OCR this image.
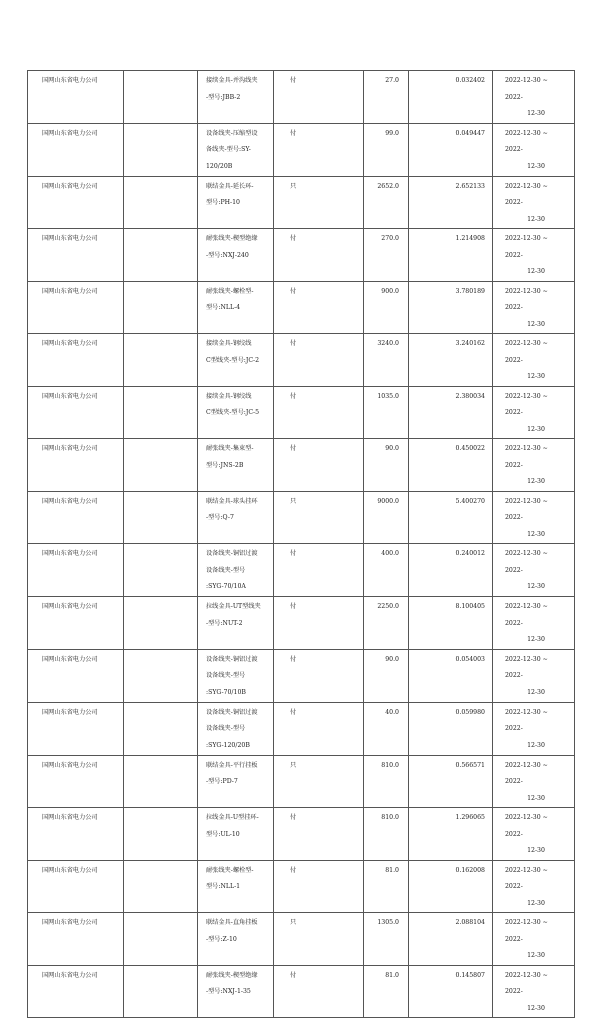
国网山东省电力公司		接续金具-并沟线夹
-型号:JBB-2	付	27.0	0.032402	2022-12-30 ~ 2022-
12-30

国网山东省电力公司		设备线夹-压缩型设
备线夹-型号:SY-
120/20B	付	99.0	0.049447	2022-12-30 ~ 2022-
12-30

国网山东省电力公司		联结金具-延长环-
型号:PH-10	只	2652.0	2.652133	2022-12-30 ~ 2022-
12-30

国网山东省电力公司		耐张线夹-楔型绝缘
-型号:NXJ-240	付	270.0	1.214908	2022-12-30 ~ 2022-
12-30

国网山东省电力公司		耐张线夹-螺栓型-
型号:NLL-4	付	900.0	3.780189	2022-12-30 ~ 2022-
12-30

国网山东省电力公司		接续金具-钢绞线
C型线夹-型号:JC-2	付	3240.0	3.240162	2022-12-30 ~ 2022-
12-30

国网山东省电力公司		接续金具-钢绞线
C型线夹-型号:JC-5	付	1035.0	2.380034	2022-12-30 ~ 2022-
12-30

国网山东省电力公司		耐张线夹-集束型-
型号:JNS-2B	付	90.0	0.450022	2022-12-30 ~ 2022-
12-30

国网山东省电力公司		联结金具-球头挂环
-型号:Q-7	只	9000.0	5.400270	2022-12-30 ~ 2022-
12-30

国网山东省电力公司		设备线夹-铜铝过渡
设备线夹-型号
:SYG-70/10A	付	400.0	0.240012	2022-12-30 ~ 2022-
12-30

国网山东省电力公司		拉线金具-UT型线夹
-型号:NUT-2	付	2250.0	8.100405	2022-12-30 ~ 2022-
12-30

国网山东省电力公司		设备线夹-铜铝过渡
设备线夹-型号
:SYG-70/10B	付	90.0	0.054003	2022-12-30 ~ 2022-
12-30

国网山东省电力公司		设备线夹-铜铝过渡
设备线夹-型号
:SYG-120/20B	付	40.0	0.059980	2022-12-30 ~ 2022-
12-30

国网山东省电力公司		联结金具-平行挂板
-型号:PD-7	只	810.0	0.566571	2022-12-30 ~ 2022-
12-30

国网山东省电力公司		拉线金具-U型挂环-
型号:UL-10	付	810.0	1.296065	2022-12-30 ~ 2022-
12-30

国网山东省电力公司		耐张线夹-螺栓型-
型号:NLL-1	付	81.0	0.162008	2022-12-30 ~ 2022-
12-30

国网山东省电力公司		联结金具-直角挂板
-型号:Z-10	只	1305.0	2.088104	2022-12-30 ~ 2022-
12-30

国网山东省电力公司		耐张线夹-楔型绝缘
-型号:NXJ-1-35	付	81.0	0.145807	2022-12-30 ~ 2022-
12-30
